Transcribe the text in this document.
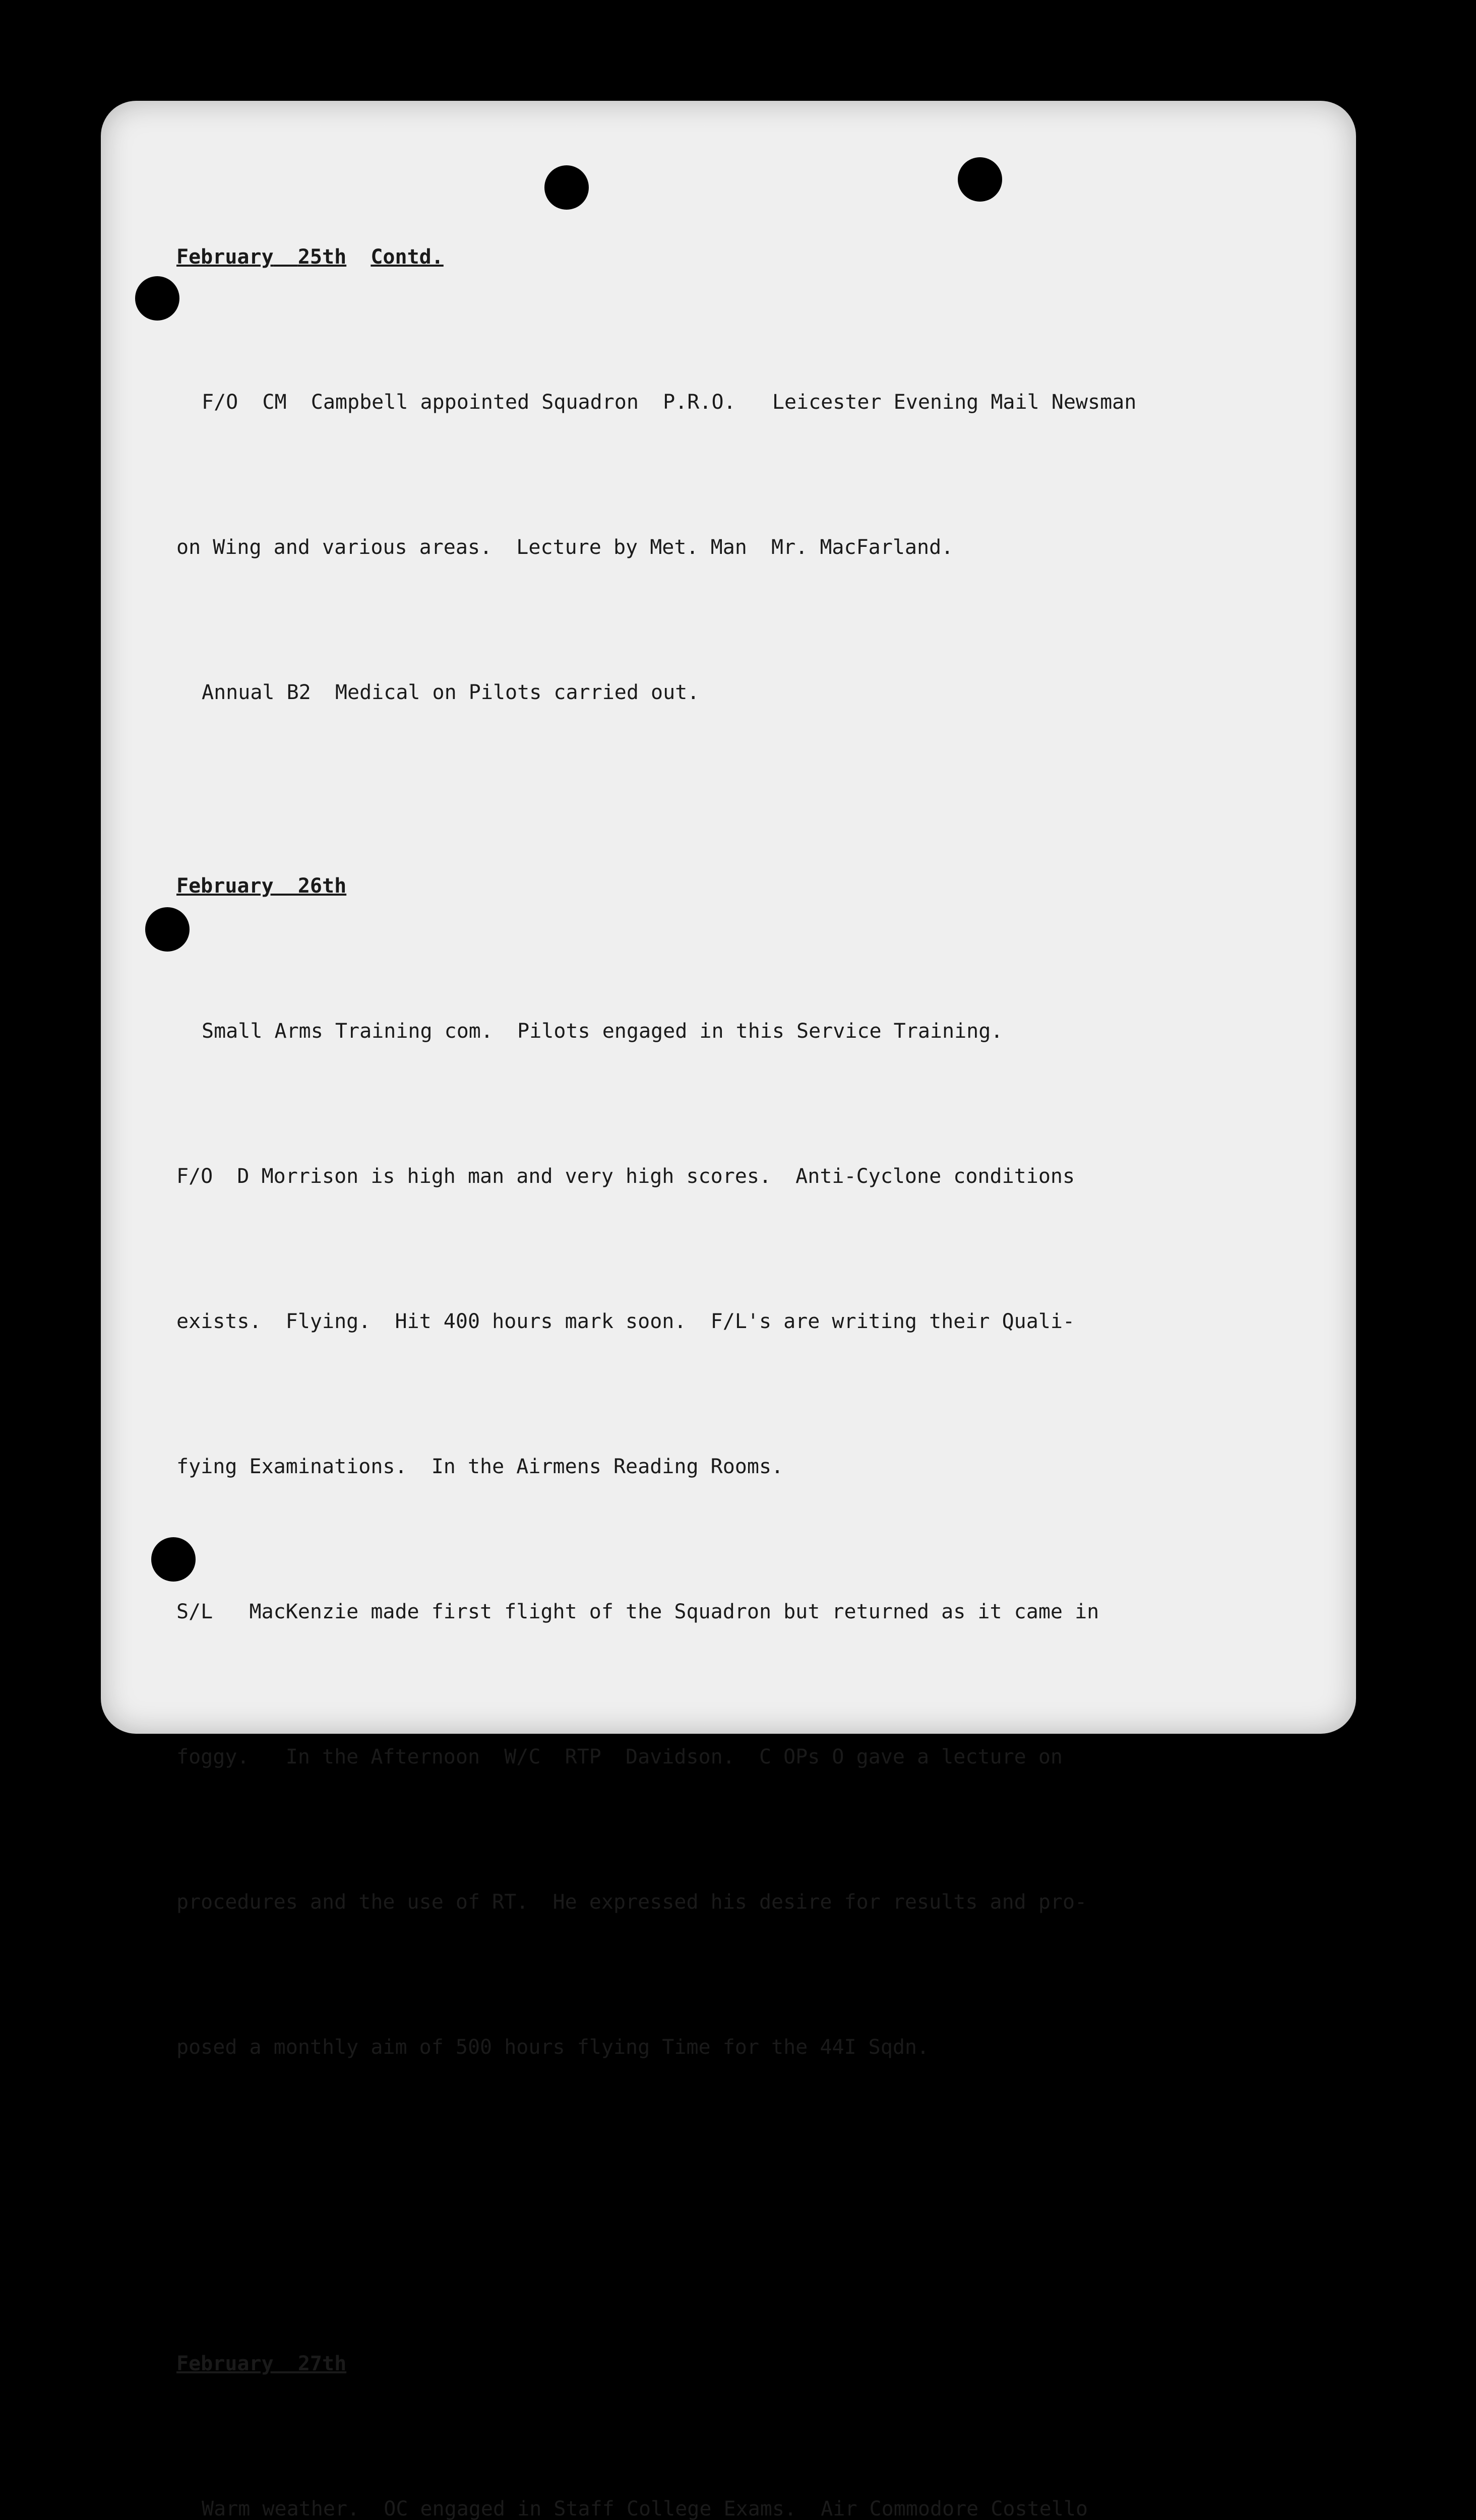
February 25th Contd.

F/O  CM  Campbell appointed Squadron  P.R.O.   Leicester Evening Mail Newsman

on Wing and various areas.  Lecture by Met. Man  Mr. MacFarland.

Annual B2  Medical on Pilots carried out.

February  26th

Small Arms Training com.  Pilots engaged in this Service Training.

F/O  D Morrison is high man and very high scores.  Anti-Cyclone conditions

exists.  Flying.  Hit 400 hours mark soon.  F/L's are writing their Quali-

fying Examinations.  In the Airmens Reading Rooms.

S/L   MacKenzie made first flight of the Squadron but returned as it came in

foggy.   In the Afternoon  W/C  RTP  Davidson.  C OPs O gave a lecture on

procedures and the use of RT.  He expressed his desire for results and pro-

posed a monthly aim of 500 hours flying Time for the 44I Sqdn.

February  27th

Warm weather.  OC engaged in Staff College Exams.  Air Commodore Costello
